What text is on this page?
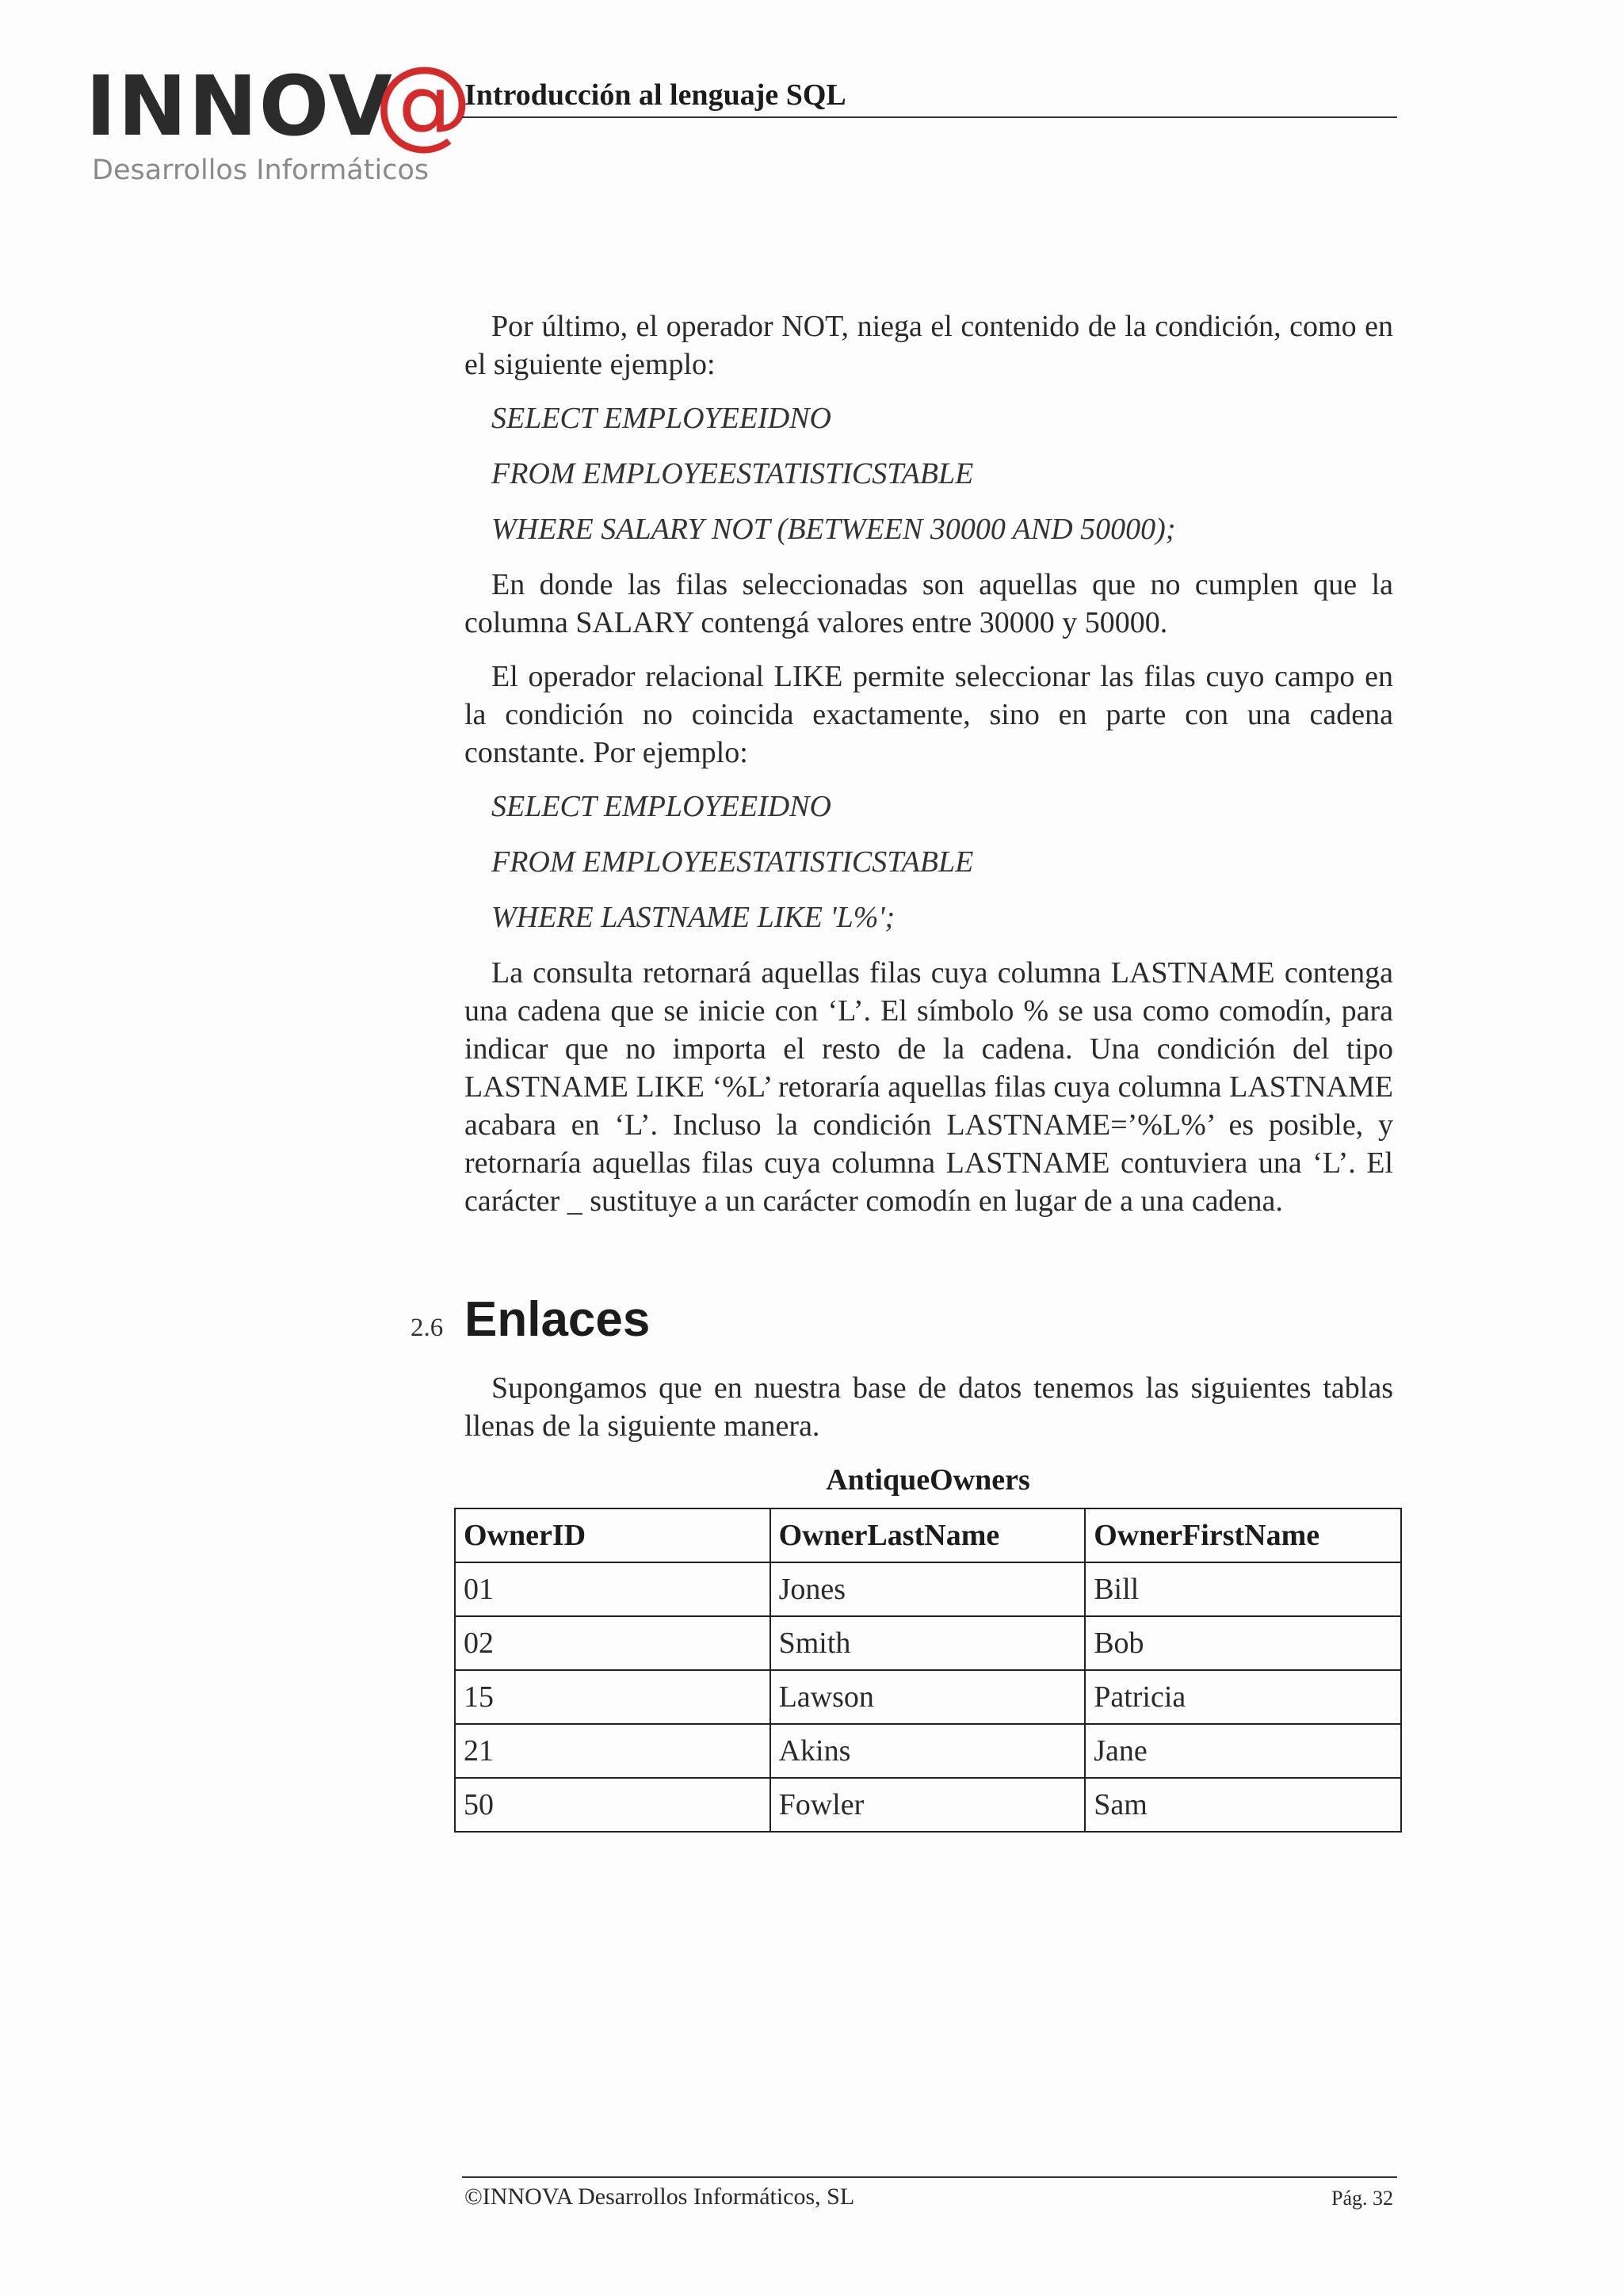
INNOV
@
Desarrollos Informáticos
Introducción al lenguaje SQL

Por último, el operador NOT, niega el contenido de la condición, como en el siguiente ejemplo:

SELECT EMPLOYEEIDNO
FROM EMPLOYEESTATISTICSTABLE
WHERE SALARY NOT (BETWEEN 30000 AND 50000);

En donde las filas seleccionadas son aquellas que no cumplen que la columna SALARY contengá valores entre 30000 y 50000.

El operador relacional LIKE permite seleccionar las filas cuyo campo en la condición no coincida exactamente, sino en parte con una cadena constante. Por ejemplo:

SELECT EMPLOYEEIDNO
FROM EMPLOYEESTATISTICSTABLE
WHERE LASTNAME LIKE 'L%';

La consulta retornará aquellas filas cuya columna LASTNAME contenga una cadena que se inicie con ‘L’. El símbolo % se usa como comodín, para indicar que no importa el resto de la cadena. Una condición del tipo LASTNAME LIKE ‘%L’ retoraría aquellas filas cuya columna LASTNAME acabara en ‘L’. Incluso la condición LASTNAME=’%L%’ es posible, y retornaría aquellas filas cuya columna LASTNAME contuviera una ‘L’. El carácter _ sustituye a un carácter comodín en lugar de a una cadena.

2.6 Enlaces

Supongamos que en nuestra base de datos tenemos las siguientes tablas llenas de la siguiente manera.

AntiqueOwners
OwnerID	OwnerLastName	OwnerFirstName
01	Jones	Bill
02	Smith	Bob
15	Lawson	Patricia
21	Akins	Jane
50	Fowler	Sam
©INNOVA Desarrollos Informáticos, SL	Pág. 32
